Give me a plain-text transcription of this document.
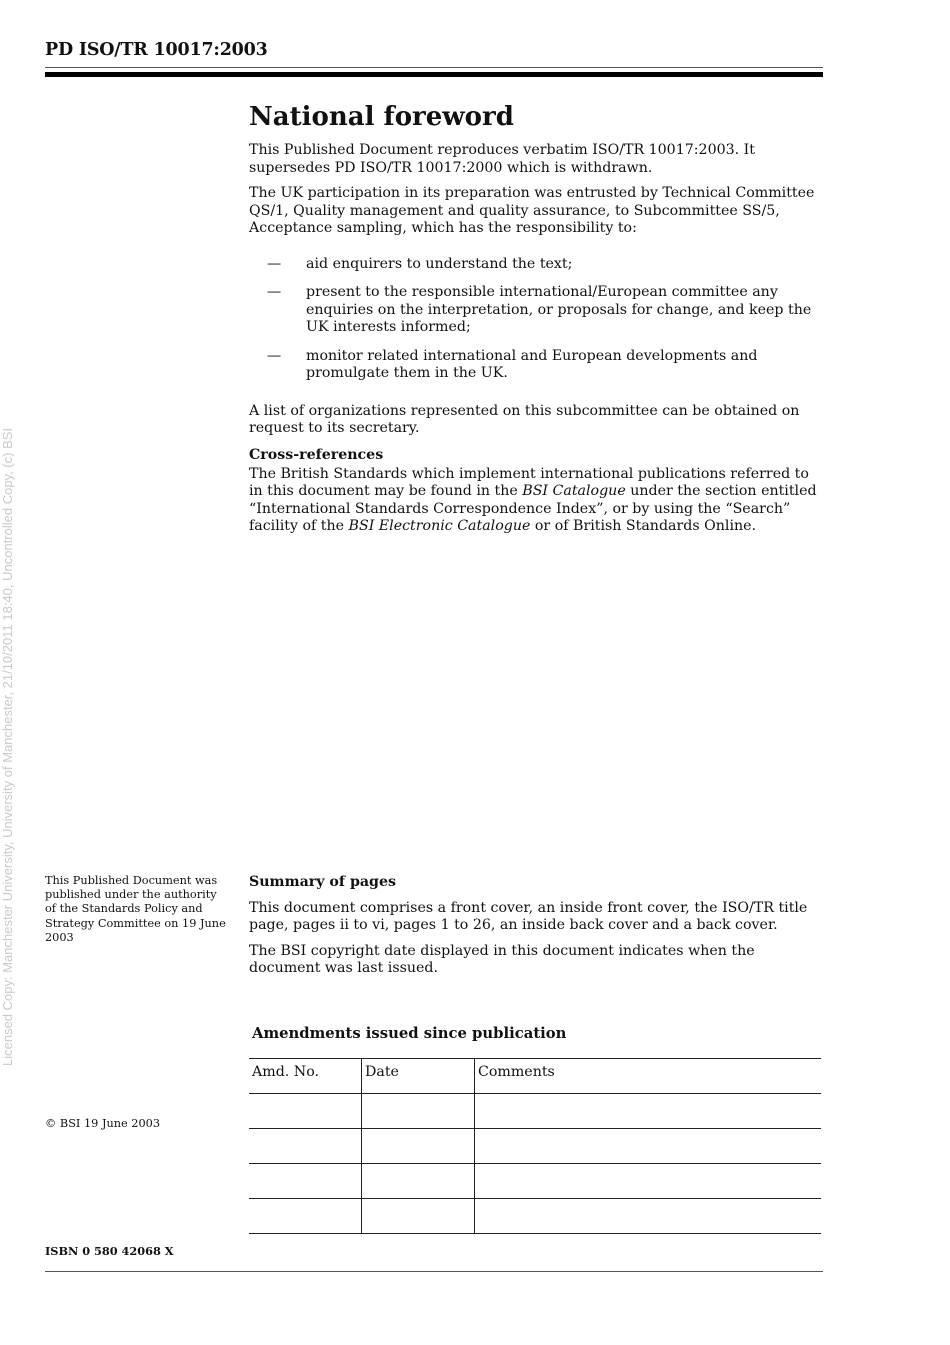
PD ISO/TR 10017:2003
Licensed Copy: Manchester University, University of Manchester, 21/10/2011 18:40, Uncontrolled Copy, (c) BSI
National foreword

This Published Document reproduces verbatim ISO/TR 10017:2003. It supersedes PD ISO/TR 10017:2000 which is withdrawn.

The UK participation in its preparation was entrusted by Technical Committee QS/1, Quality management and quality assurance, to Subcommittee SS/5, Acceptance sampling, which has the responsibility to:

— aid enquirers to understand the text;
— present to the responsible international/European committee any enquiries on the interpretation, or proposals for change, and keep the UK interests informed;
— monitor related international and European developments and promulgate them in the UK.

A list of organizations represented on this subcommittee can be obtained on request to its secretary.

Cross-references

The British Standards which implement international publications referred to in this document may be found in the BSI Catalogue under the section entitled “International Standards Correspondence Index”, or by using the “Search” facility of the BSI Electronic Catalogue or of British Standards Online.

This Published Document was published under the authority of the Standards Policy and Strategy Committee on 19 June 2003
Summary of pages

This document comprises a front cover, an inside front cover, the ISO/TR title page, pages ii to vi, pages 1 to 26, an inside back cover and a back cover.

The BSI copyright date displayed in this document indicates when the document was last issued.

Amendments issued since publication
Amd. No.	Date	Comments

© BSI 19 June 2003
ISBN 0 580 42068 X
